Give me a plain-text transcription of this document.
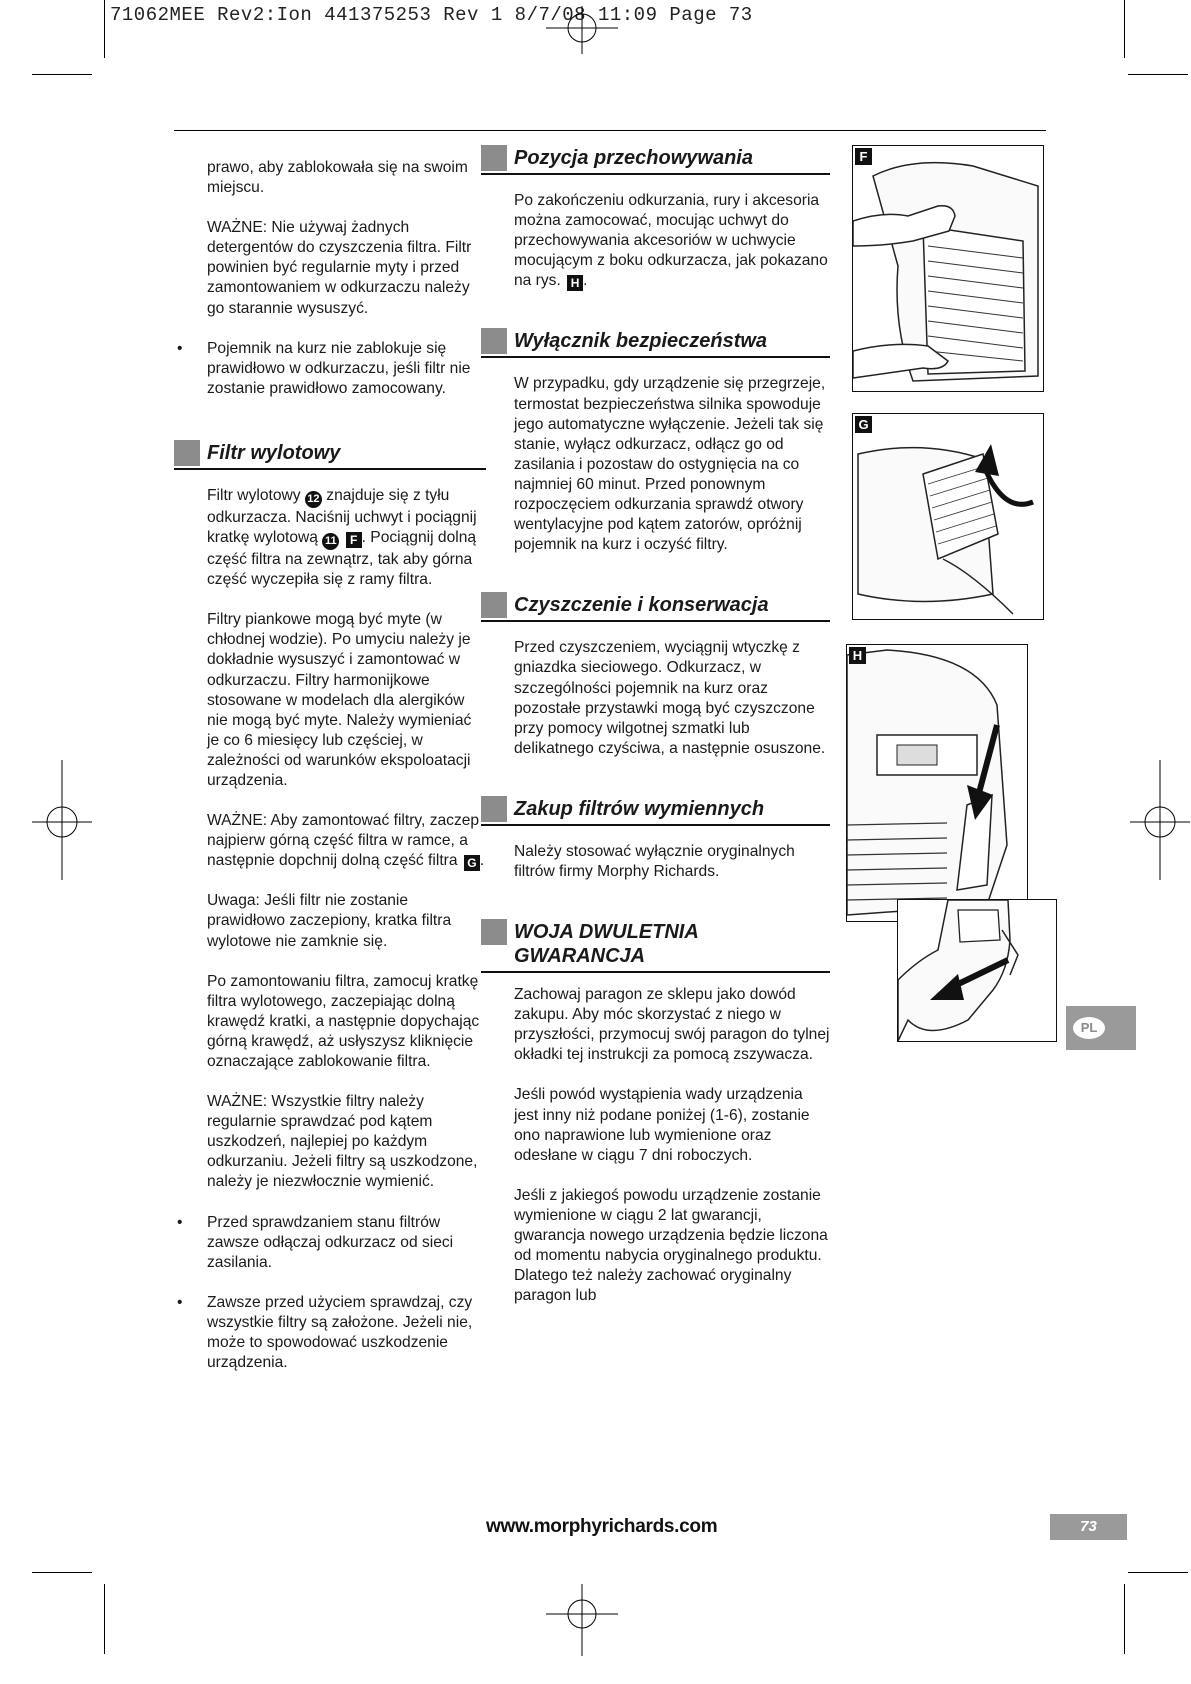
71062MEE Rev2:Ion 441375253 Rev 1 8/7/08 11:09 Page 73

prawo, aby zablokowała się na swoim miejscu.

WAŻNE: Nie używaj żadnych detergentów do czyszczenia filtra. Filtr powinien być regularnie myty i przed zamontowaniem w odkurzaczu należy go starannie wysuszyć.

• Pojemnik na kurz nie zablokuje się prawidłowo w odkurzaczu, jeśli filtr nie zostanie prawidłowo zamocowany.

Filtr wylotowy

Filtr wylotowy 12 znajduje się z tyłu odkurzacza. Naciśnij uchwyt i pociągnij kratkę wylotową 11 F . Pociągnij dolną część filtra na zewnątrz, tak aby górna część wyczepiła się z ramy filtra.

Filtry piankowe mogą być myte (w chłodnej wodzie). Po umyciu należy je dokładnie wysuszyć i zamontować w odkurzaczu. Filtry harmonijkowe stosowane w modelach dla alergików nie mogą być myte. Należy wymieniać je co 6 miesięcy lub częściej, w zależności od warunków ekspoloatacji urządzenia.

WAŻNE: Aby zamontować filtry, zaczep najpierw górną część filtra w ramce, a następnie dopchnij dolną część filtra G .

Uwaga: Jeśli filtr nie zostanie prawidłowo zaczepiony, kratka filtra wylotowe nie zamknie się.

Po zamontowaniu filtra, zamocuj kratkę filtra wylotowego, zaczepiając dolną krawędź kratki, a następnie dopychając górną krawędź, aż usłyszysz kliknięcie oznaczające zablokowanie filtra.

WAŻNE: Wszystkie filtry należy regularnie sprawdzać pod kątem uszkodzeń, najlepiej po każdym odkurzaniu. Jeżeli filtry są uszkodzone, należy je niezwłocznie wymienić.

• Przed sprawdzaniem stanu filtrów zawsze odłączaj odkurzacz od sieci zasilania.

• Zawsze przed użyciem sprawdzaj, czy wszystkie filtry są założone. Jeżeli nie, może to spowodować uszkodzenie urządzenia.

Pozycja przechowywania

Po zakończeniu odkurzania, rury i akcesoria można zamocować, mocując uchwyt do przechowywania akcesoriów w uchwycie mocującym z boku odkurzacza, jak pokazano na rys. H .

Wyłącznik bezpieczeństwa

W przypadku, gdy urządzenie się przegrzeje, termostat bezpieczeństwa silnika spowoduje jego automatyczne wyłączenie. Jeżeli tak się stanie, wyłącz odkurzacz, odłącz go od zasilania i pozostaw do ostygnięcia na co najmniej 60 minut. Przed ponownym rozpoczęciem odkurzania sprawdź otwory wentylacyjne pod kątem zatorów, opróżnij pojemnik na kurz i oczyść filtry.

Czyszczenie i konserwacja

Przed czyszczeniem, wyciągnij wtyczkę z gniazdka sieciowego. Odkurzacz, w szczególności pojemnik na kurz oraz pozostałe przystawki mogą być czyszczone przy pomocy wilgotnej szmatki lub delikatnego czyściwa, a następnie osuszone.

Zakup filtrów wymiennych

Należy stosować wyłącznie oryginalnych filtrów firmy Morphy Richards.

WOJA DWULETNIA
GWARANCJA

Zachowaj paragon ze sklepu jako dowód zakupu. Aby móc skorzystać z niego w przyszłości, przymocuj swój paragon do tylnej okładki tej instrukcji za pomocą zszywacza.

Jeśli powód wystąpienia wady urządzenia jest inny niż podane poniżej (1-6), zostanie ono naprawione lub wymienione oraz odesłane w ciągu 7 dni roboczych.

Jeśli z jakiegoś powodu urządzenie zostanie wymienione w ciągu 2 lat gwarancji, gwarancja nowego urządzenia będzie liczona od momentu nabycia oryginalnego produktu. Dlatego też należy zachować oryginalny paragon lub

F
G
H
PL
www.morphyrichards.com	73
